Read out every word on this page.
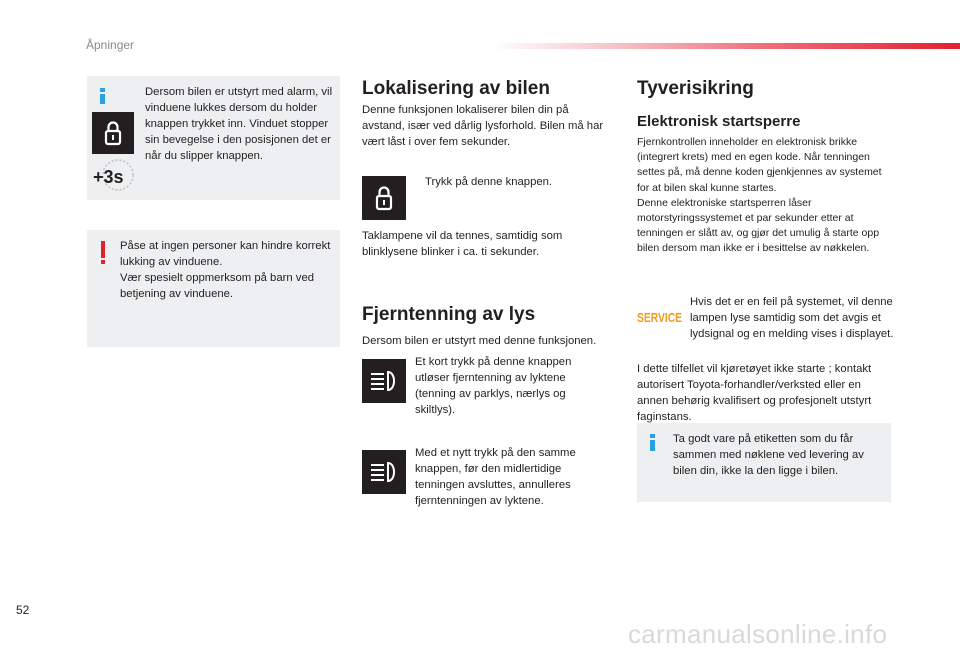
Åpninger
+3s
Dersom bilen er utstyrt med alarm, vil vinduene lukkes dersom du holder knappen trykket inn. Vinduet stopper sin bevegelse i den posisjonen det er når du slipper knappen.

Påse at ingen personer kan hindre korrekt lukking av vinduene.

Vær spesielt oppmerksom på barn ved betjening av vinduene.

Lokalisering av bilen
Denne funksjonen lokaliserer bilen din på avstand, især ved dårlig lysforhold. Bilen må har vært låst i over fem sekunder.
Trykk på denne knappen.
Taklampene vil da tennes, samtidig som blinklysene blinker i ca. ti sekunder.
Fjerntenning av lys
Dersom bilen er utstyrt med denne funksjonen.
Et kort trykk på denne knappen utløser fjerntenning av lyktene (tenning av parklys, nærlys og skiltlys).
Med et nytt trykk på den samme knappen, før den midlertidige tenningen avsluttes, annulleres fjerntenningen av lyktene.
Tyverisikring
Elektronisk startsperre

Fjernkontrollen inneholder en elektronisk brikke (integrert krets) med en egen kode. Når tenningen settes på, må denne koden gjenkjennes av systemet for at bilen skal kunne startes.

Denne elektroniske startsperren låser motorstyringssystemet et par sekunder etter at tenningen er slått av, og gjør det umulig å starte opp bilen dersom man ikke er i besittelse av nøkkelen.

SERVICE
Hvis det er en feil på systemet, vil denne lampen lyse samtidig som det avgis et lydsignal og en melding vises i displayet.
I dette tilfellet vil kjøretøyet ikke starte ; kontakt autorisert Toyota-forhandler/verksted eller en annen behørig kvalifisert og profesjonelt utstyrt faginstans.
Ta godt vare på etiketten som du får sammen med nøklene ved levering av bilen din, ikke la den ligge i bilen.
52
carmanualsonline.info
